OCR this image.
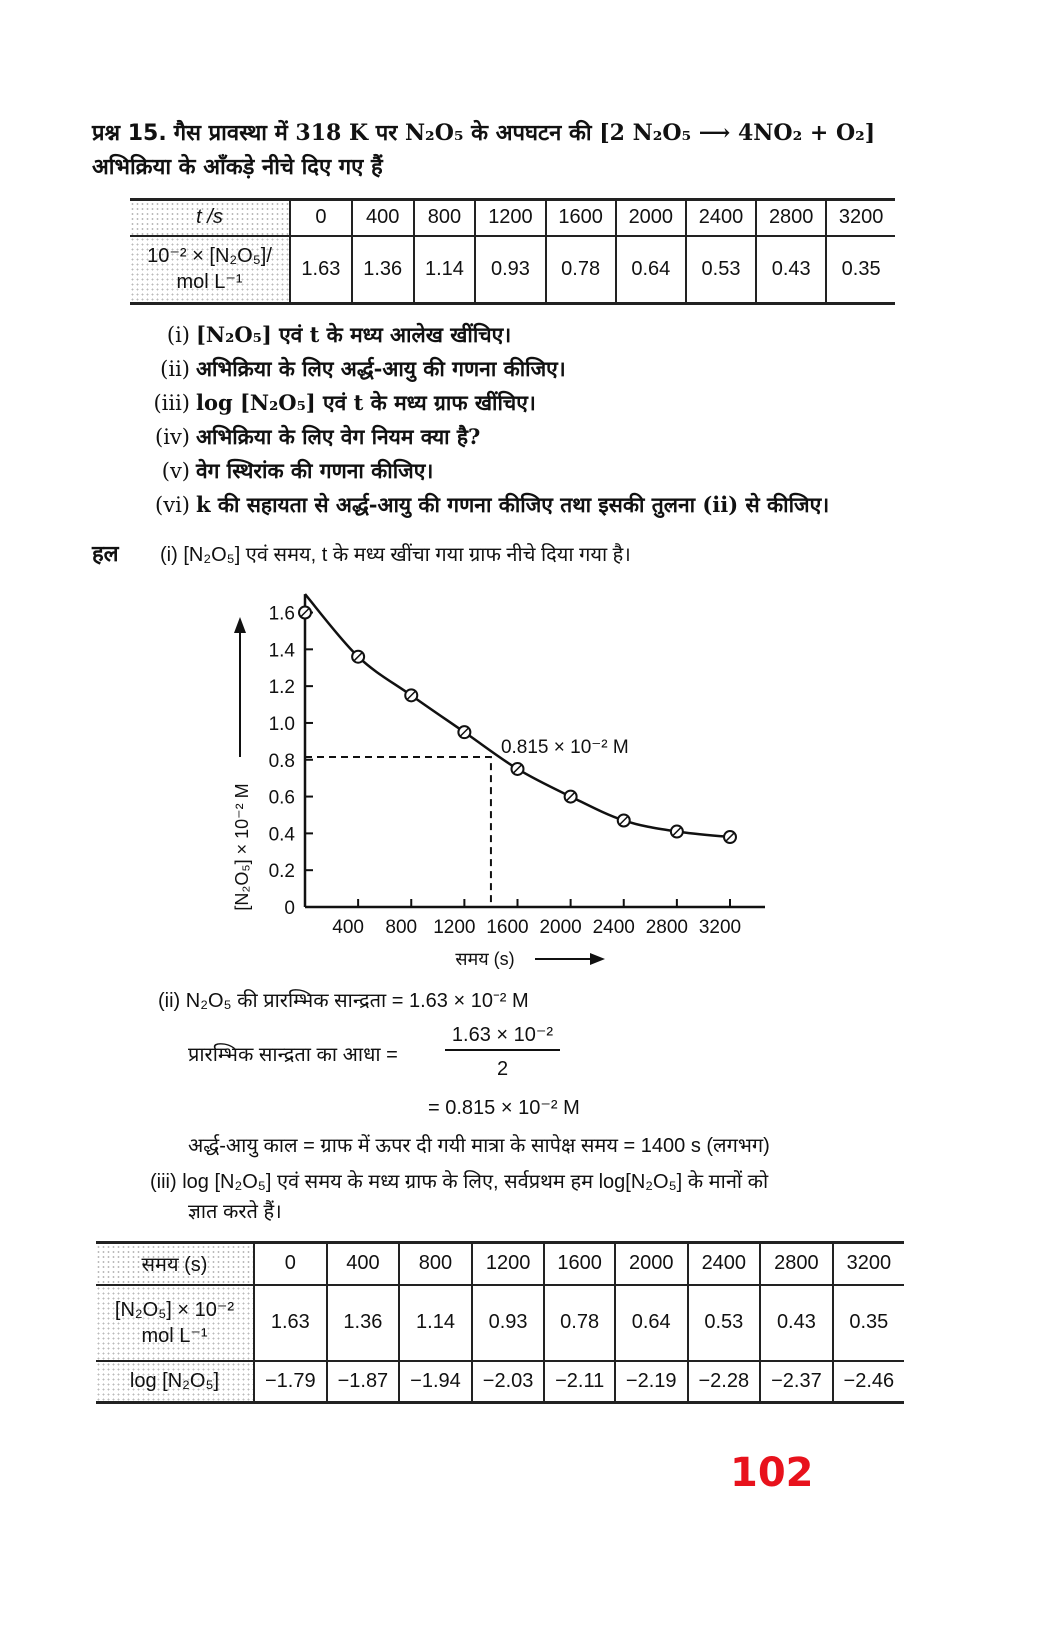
प्रश्न 15. गैस प्रावस्था में 318 K पर N₂O₅ के अपघटन की [2 N₂O₅ ⟶ 4NO₂ + O₂]
अभिक्रिया के आँकड़े नीचे दिए गए हैं
t /s	0	400	800	1200	1600	2000	2400	2800	3200

10⁻² × [N₂O₅]/
mol L⁻¹	1.63	1.36	1.14	0.93	0.78	0.64	0.53	0.43	0.35
(i) [N₂O₅] एवं t के मध्य आलेख खींचिए।
(ii) अभिक्रिया के लिए अर्द्ध-आयु की गणना कीजिए।
(iii) log [N₂O₅] एवं t के मध्य ग्राफ खींचिए।
(iv) अभिक्रिया के लिए वेग नियम क्या है?
(v) वेग स्थिरांक की गणना कीजिए।
(vi) k की सहायता से अर्द्ध-आयु की गणना कीजिए तथा इसकी तुलना (ii) से कीजिए।
हल (i) [N₂O₅] एवं समय, t के मध्य खींचा गया ग्राफ नीचे दिया गया है।
0
0.2
0.4
0.6
0.8
1.0
1.2
1.4
1.6
400 800 1200 1600 2000 2400 2800 3200
0.815 × 10⁻² M
[N₂O₅] × 10⁻² M
समय (s)
(ii) N₂O₅ की प्रारम्भिक सान्द्रता = 1.63 × 10⁻² M
प्रारम्भिक सान्द्रता का आधा =
1.63 × 10⁻²
2
= 0.815 × 10⁻² M
अर्द्ध-आयु काल = ग्राफ में ऊपर दी गयी मात्रा के सापेक्ष समय = 1400 s (लगभग)
(iii) log [N₂O₅] एवं समय के मध्य ग्राफ के लिए, सर्वप्रथम हम log[N₂O₅] के मानों को
ज्ञात करते हैं।
समय (s)	0	400	800	1200	1600	2000	2400	2800	3200

[N₂O₅] × 10⁻²
mol L⁻¹	1.63	1.36	1.14	0.93	0.78	0.64	0.53	0.43	0.35
log [N₂O₅]	−1.79	−1.87	−1.94	−2.03	−2.11	−2.19	−2.28	−2.37	−2.46
102
